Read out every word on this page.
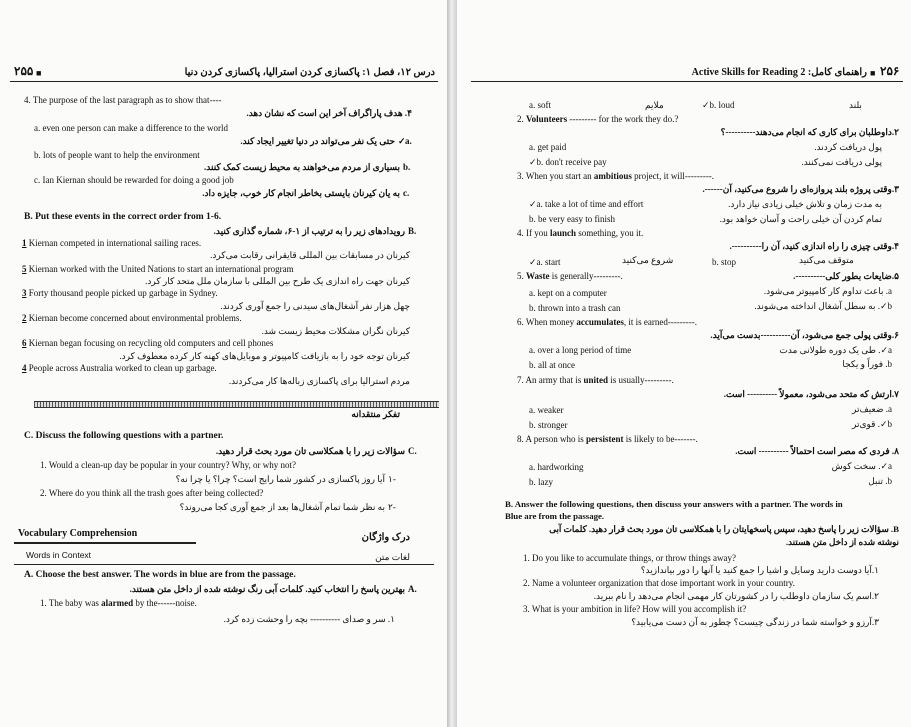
۲۵۵ ■	درس ۱۲، فصل ۱: پاکسازی کردن استرالیا، پاکسازی کردن دنیا
4. The purpose of the last paragraph as to show that----
۴. هدف پاراگراف آخر این است که نشان دهد.
a. even one person can make a difference to the world
حتی یک نفر می‌تواند در دنیا تغییر ایجاد کند. ✓ a.
b. lots of people want to help the environment
بسیاری از مردم می‌خواهند به محیط زیست کمک کنند. b.
c. Ian Kiernan should be rewarded for doing a good job
به یان کیرنان بایستی بخاطر انجام کار خوب، جایزه داد. c.
B. Put these events in the correct order from 1-6.
رویدادهای زیر را به ترتیب از ۱-۶، شماره گذاری کنید. B.
1 Kiernan competed in international sailing races.
کیرنان در مسابقات بین المللی قایقرانی رقابت می‌کرد.
5 Kiernan worked with the United Nations to start an international program
کیرنان جهت راه اندازی یک طرح بین المللی با سازمان ملل متحد کار کرد.
3 Forty thousand people picked up garbage in Sydney.
چهل هزار نفر آشغال‌های سیدنی را جمع آوری کردند.
2 Kiernan become concerned about environmental problems.
کیرنان نگران مشکلات محیط زیست شد.
6 Kiernan began focusing on recycling old computers and cell phones
کیرنان توجه خود را به بازیافت کامپیوتر و موبایل‌های کهنه کار کرده معطوف کرد.
4 People across Australia worked to clean up garbage.
مردم استرالیا برای پاکسازی زباله‌ها کار می‌کردند.
تفکر منتقدانه
C. Discuss the following questions with a partner.
سؤالات زیر را با همکلاسی تان مورد بحث قرار دهید. C.
1. Would a clean-up day be popular in your country? Why, or why not?
آیا روز پاکسازی در کشور شما رایج است؟ چرا؟ یا چرا نه؟ ۱-
2. Where do you think all the trash goes after being collected?
به نظر شما تمام آشغال‌ها بعد از جمع آوری کجا می‌روند؟ ۲-
Vocabulary Comprehension	درک واژگان
Words in Context	لغات متن
A. Choose the best answer. The words in blue are from the passage.
بهترین پاسخ را انتخاب کنید. کلمات آبی رنگ نوشته شده از داخل متن هستند. A.
1. The baby was alarmed by the------noise.
۱. سر و صدای ---------- بچه را وحشت زده کرد.
۲۵۶
■
راهنمای کامل: Active Skills for Reading 2
a. soft	ملایم	✓b. loud	بلند
2. Volunteers --------- for the work they do.?
۲.داوطلبان برای کاری که انجام می‌دهند----------؟
a. get paid	پول دریافت کردند.
✓b. don't receive pay	پولی دریافت نمی‌کنند.
3. When you start an ambitious project, it will---------.
۳.وقتی پروژه بلند پروازه‌ای را شروع می‌کنید، آن------.
✓a. take a lot of time and effort	به مدت زمان و تلاش خیلی زیادی نیاز دارد.
b. be very easy to finish	تمام کردن آن خیلی راحت و آسان خواهد بود.
4. If you launch something, you it.
۴.وقتی چیزی را راه اندازی کنید، آن را----------.
✓a. start	شروع می‌کنید	b. stop	متوقف می‌کنید
5. Waste is generally---------.	۵.ضایعات بطور کلی----------.
a. kept on a computer	a. باعث تداوم کار کامپیوتر می‌شود.
b. thrown into a trash can	b✓. به سطل آشغال انداخته می‌شوند.
6. When money accumulates, it is earned---------.
۶.وقتی پولی جمع می‌شود، آن----------بدست می‌آید.
a. over a long period of time	a✓. طی یک دوره طولانی مدت
b. all at once	b. فوراً و یکجا
7. An army that is united is usually---------.
۷.ارتش که متحد می‌شود، معمولاً ---------- است.
a. weaker	a. ضعیف‌تر
b. stronger	b✓. قوی‌تر
8. A person who is persistent is likely to be-------.
۸. فردی که مصر است احتمالاً ---------- است.
a. hardworking	a✓. سخت کوش
b. lazy	b. تنبل
B. Answer the following questions, then discuss your answers with a partner. The words in
Blue are from the passage.
B. سؤالات زیر را پاسخ دهید، سپس پاسخهایتان را با همکلاسی تان مورد بحث قرار دهید. کلمات آبی
نوشته شده از داخل متن هستند.
1. Do you like to accumulate things, or throw things away?
۱.آیا دوست دارید وسایل و اشیا را جمع کنید یا آنها را دور بیاندازید؟
2. Name a volunteer organization that dose important work in your country.
۲.اسم یک سازمان داوطلب را در کشورتان کار مهمی انجام می‌دهد را نام ببرید.
3. What is your ambition in life? How will you accomplish it?
۳.آرزو و خواسته شما در زندگی چیست؟ چطور به آن دست می‌یابید؟
